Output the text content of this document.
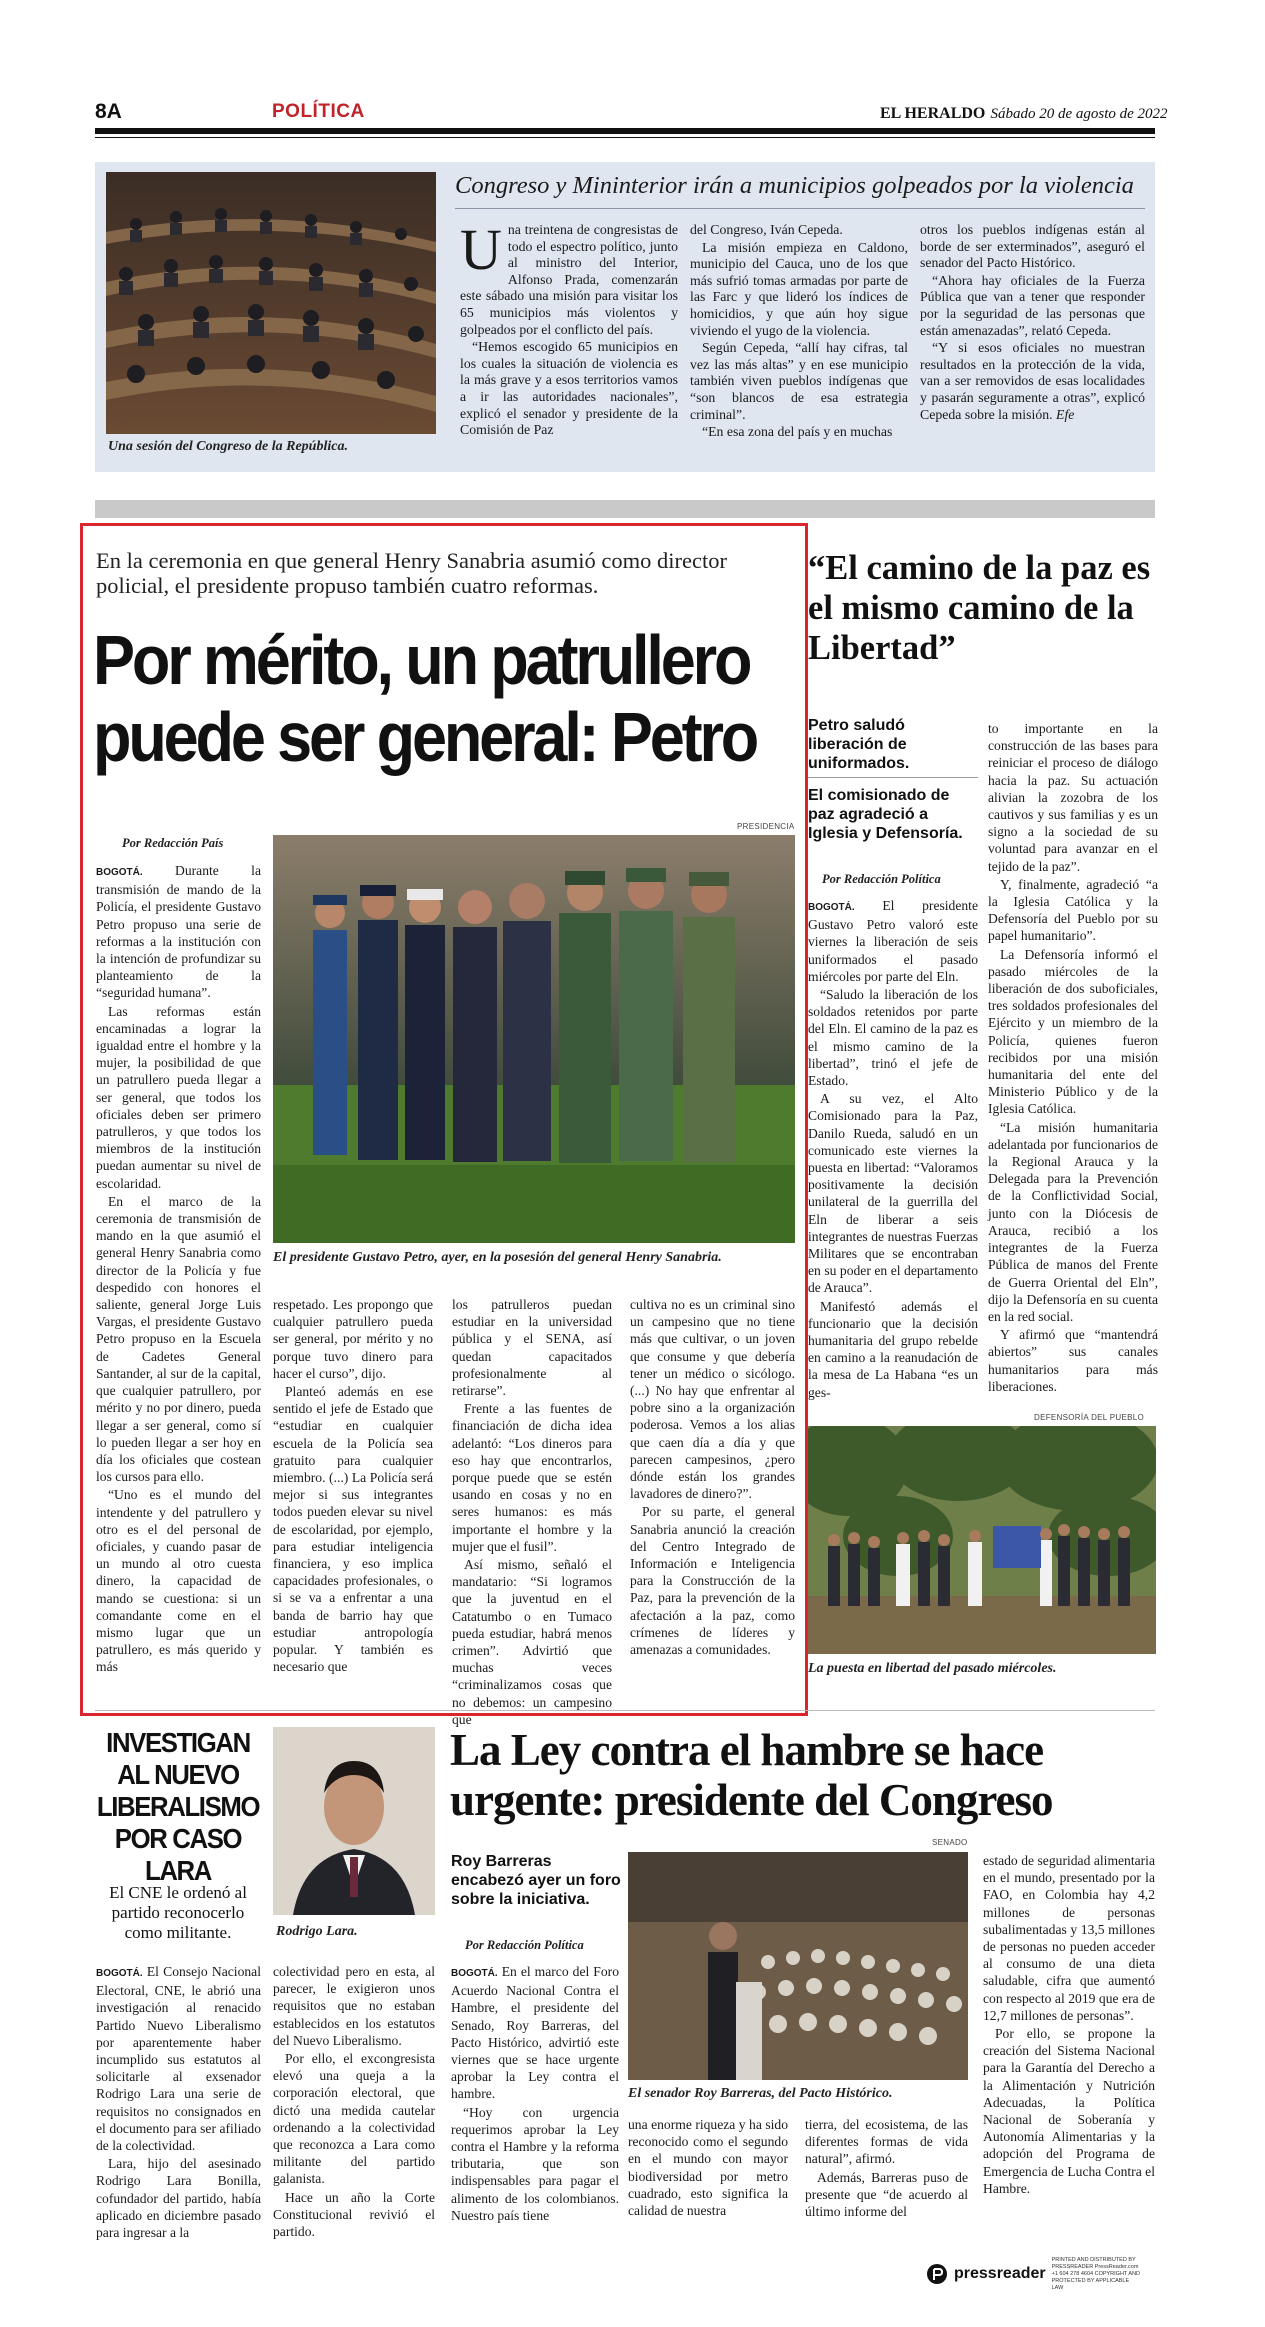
8A	POLÍTICA	EL HERALDO Sábado 20 de agosto de 2022
Una sesión del Congreso de la República.
Congreso y Mininterior irán a municipios golpeados por la violencia
U na treintena de congresistas de todo el espectro político, junto al ministro del Interior, Alfonso Prada, comenzarán este sábado una misión para visitar los 65 municipios más violentos y golpeados por el conflicto del país.

“Hemos escogido 65 municipios en los cuales la situación de violencia es la más grave y a esos territorios vamos a ir las autoridades nacionales”, explicó el senador y presidente de la Comisión de Paz

del Congreso, Iván Cepeda.

La misión empieza en Caldono, municipio del Cauca, uno de los que más sufrió tomas armadas por parte de las Farc y que lideró los índices de homicidios, y que aún hoy sigue viviendo el yugo de la violencia.

Según Cepeda, “allí hay cifras, tal vez las más altas” y en ese municipio también viven pueblos indígenas que “son blancos de esa estrategia criminal”.

“En esa zona del país y en muchas

otros los pueblos indígenas están al borde de ser exterminados”, aseguró el senador del Pacto Histórico.

“Ahora hay oficiales de la Fuerza Pública que van a tener que responder por la seguridad de las personas que están amenazadas”, relató Cepeda.

“Y si esos oficiales no muestran resultados en la protección de la vida, van a ser removidos de esas localidades y pasarán seguramente a otras”, explicó Cepeda sobre la misión. Efe

En la ceremonia en que general Henry Sanabria asumió como director policial, el presidente propuso también cuatro reformas.
Por mérito, un patrullero puede ser general: Petro
Por Redacción País
PRESIDENCIA
El presidente Gustavo Petro, ayer, en la posesión del general Henry Sanabria.

BOGOTÁ. Durante la transmisión de mando de la Policía, el presidente Gustavo Petro propuso una serie de reformas a la institución con la intención de profundizar su planteamiento de la “seguridad humana”.

Las reformas están encaminadas a lograr la igualdad entre el hombre y la mujer, la posibilidad de que un patrullero pueda llegar a ser general, que todos los oficiales deben ser primero patrulleros, y que todos los miembros de la institución puedan aumentar su nivel de escolaridad.

En el marco de la ceremonia de transmisión de mando en la que asumió el general Henry Sanabria como director de la Policía y fue despedido con honores el saliente, general Jorge Luis Vargas, el presidente Gustavo Petro propuso en la Escuela de Cadetes General Santander, al sur de la capital, que cualquier patrullero, por mérito y no por dinero, pueda llegar a ser general, como sí lo pueden llegar a ser hoy en día los oficiales que costean los cursos para ello.

“Uno es el mundo del intendente y del patrullero y otro es el del personal de oficiales, y cuando pasar de un mundo al otro cuesta dinero, la capacidad de mando se cuestiona: si un comandante come en el mismo lugar que un patrullero, es más querido y más

respetado. Les propongo que cualquier patrullero pueda ser general, por mérito y no porque tuvo dinero para hacer el curso”, dijo.

Planteó además en ese sentido el jefe de Estado que “estudiar en cualquier escuela de la Policía sea gratuito para cualquier miembro. (...) La Policía será mejor si sus integrantes todos pueden elevar su nivel de escolaridad, por ejemplo, para estudiar inteligencia financiera, y eso implica capacidades profesionales, o si se va a enfrentar a una banda de barrio hay que estudiar antropología popular. Y también es necesario que

los patrulleros puedan estudiar en la universidad pública y el SENA, así quedan capacitados profesionalmente al retirarse”.

Frente a las fuentes de financiación de dicha idea adelantó: “Los dineros para eso hay que encontrarlos, porque puede que se estén usando en cosas y no en seres humanos: es más importante el hombre y la mujer que el fusil”.

Así mismo, señaló el mandatario: “Si logramos que la juventud en el Catatumbo o en Tumaco pueda estudiar, habrá menos crimen”. Advirtió que muchas veces “criminalizamos cosas que no debemos: un campesino que

cultiva no es un criminal sino un campesino que no tiene más que cultivar, o un joven que consume y que debería tener un médico o sicólogo. (...) No hay que enfrentar al pobre sino a la organización poderosa. Vemos a los alias que caen día a día y que parecen campesinos, ¿pero dónde están los grandes lavadores de dinero?”.

Por su parte, el general Sanabria anunció la creación del Centro Integrado de Información e Inteligencia para la Construcción de la Paz, para la prevención de la afectación a la paz, como crímenes de líderes y amenazas a comunidades.

“El camino de la paz es el mismo camino de la Libertad”
Petro saludó liberación de uniformados.
El comisionado de paz agradeció a Iglesia y Defensoría.
Por Redacción Política

BOGOTÁ. El presidente Gustavo Petro valoró este viernes la liberación de seis uniformados el pasado miércoles por parte del Eln.

“Saludo la liberación de los soldados retenidos por parte del Eln. El camino de la paz es el mismo camino de la libertad”, trinó el jefe de Estado.

A su vez, el Alto Comisionado para la Paz, Danilo Rueda, saludó en un comunicado este viernes la puesta en libertad: “Valoramos positivamente la decisión unilateral de la guerrilla del Eln de liberar a seis integrantes de nuestras Fuerzas Militares que se encontraban en su poder en el departamento de Arauca”.

Manifestó además el funcionario que la decisión humanitaria del grupo rebelde en camino a la reanudación de la mesa de La Habana “es un ges-

to importante en la construcción de las bases para reiniciar el proceso de diálogo hacia la paz. Su actuación alivian la zozobra de los cautivos y sus familias y es un signo a la sociedad de su voluntad para avanzar en el tejido de la paz”.

Y, finalmente, agradeció “a la Iglesia Católica y la Defensoría del Pueblo por su papel humanitario”.

La Defensoría informó el pasado miércoles de la liberación de dos suboficiales, tres soldados profesionales del Ejército y un miembro de la Policía, quienes fueron recibidos por una misión humanitaria del ente del Ministerio Público y de la Iglesia Católica.

“La misión humanitaria adelantada por funcionarios de la Regional Arauca y la Delegada para la Prevención de la Conflictividad Social, junto con la Diócesis de Arauca, recibió a los integrantes de la Fuerza Pública de manos del Frente de Guerra Oriental del Eln”, dijo la Defensoría en su cuenta en la red social.

Y afirmó que “mantendrá abiertos” sus canales humanitarios para más liberaciones.

DEFENSORÍA DEL PUEBLO
La puesta en libertad del pasado miércoles.
INVESTIGAN AL NUEVO LIBERALISMO POR CASO LARA
El CNE le ordenó al partido reconocerlo como militante.	Rodrigo Lara.

BOGOTÁ. El Consejo Nacional Electoral, CNE, le abrió una investigación al renacido Partido Nuevo Liberalismo por aparentemente haber incumplido sus estatutos al solicitarle al exsenador Rodrigo Lara una serie de requisitos no consignados en el documento para ser afiliado de la colectividad.

Lara, hijo del asesinado Rodrigo Lara Bonilla, cofundador del partido, había aplicado en diciembre pasado para ingresar a la

colectividad pero en esta, al parecer, le exigieron unos requisitos que no estaban establecidos en los estatutos del Nuevo Liberalismo.

Por ello, el excongresista elevó una queja a la corporación electoral, que dictó una medida cautelar ordenando a la colectividad que reconozca a Lara como militante del partido galanista.

Hace un año la Corte Constitucional revivió el partido.

La Ley contra el hambre se hace urgente: presidente del Congreso
Roy Barreras encabezó ayer un foro sobre la iniciativa.
Por Redacción Política
SENADO
El senador Roy Barreras, del Pacto Histórico.

BOGOTÁ. En el marco del Foro Acuerdo Nacional Contra el Hambre, el presidente del Senado, Roy Barreras, del Pacto Histórico, advirtió este viernes que se hace urgente aprobar la Ley contra el hambre.

“Hoy con urgencia requerimos aprobar la Ley contra el Hambre y la reforma tributaria, que son indispensables para pagar el alimento de los colombianos. Nuestro país tiene

una enorme riqueza y ha sido reconocido como el segundo en el mundo con mayor biodiversidad por metro cuadrado, esto significa la calidad de nuestra

tierra, del ecosistema, de las diferentes formas de vida natural”, afirmó.

Además, Barreras puso de presente que “de acuerdo al último informe del

estado de seguridad alimentaria en el mundo, presentado por la FAO, en Colombia hay 4,2 millones de personas subalimentadas y 13,5 millones de personas no pueden acceder al consumo de una dieta saludable, cifra que aumentó con respecto al 2019 que era de 12,7 millones de personas”.

Por ello, se propone la creación del Sistema Nacional para la Garantía del Derecho a la Alimentación y Nutrición Adecuadas, la Política Nacional de Soberanía y Autonomía Alimentarias y la adopción del Programa de Emergencia de Lucha Contra el Hambre.

pressreader
PRINTED AND DISTRIBUTED BY PRESSREADER PressReader.com +1 604 278 4604 COPYRIGHT AND PROTECTED BY APPLICABLE LAW
